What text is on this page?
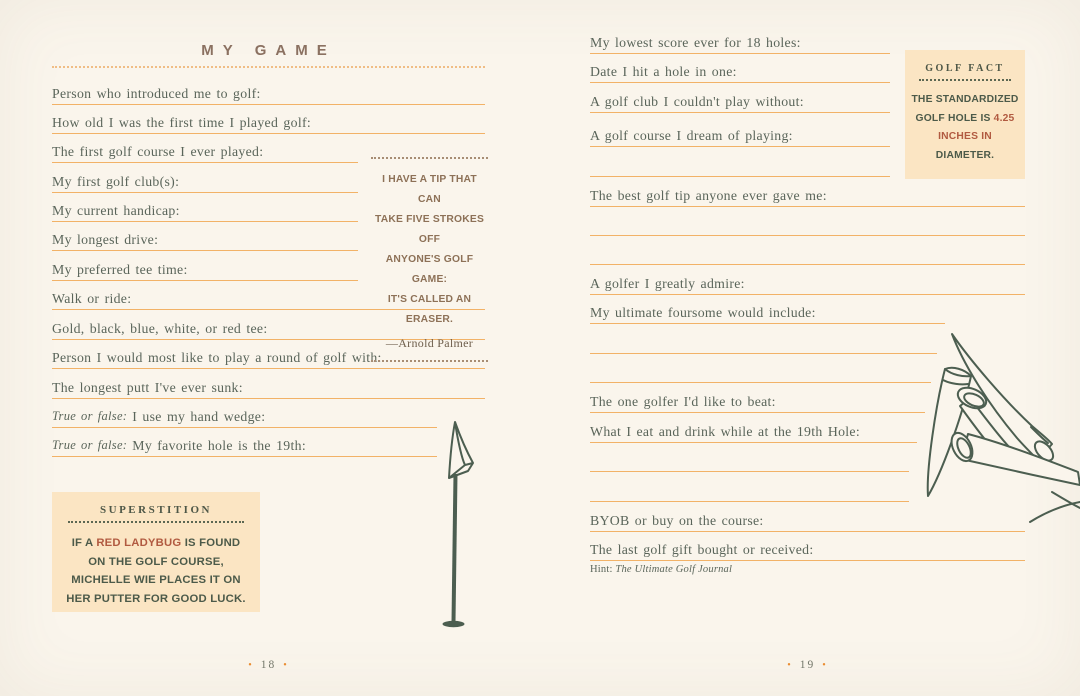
MY GAME
Person who introduced me to golf:
How old I was the first time I played golf:
The first golf course I ever played:
My first golf club(s):
My current handicap:
My longest drive:
My preferred tee time:
Walk or ride:
Gold, black, blue, white, or red tee:
Person I would most like to play a round of golf with:
The longest putt I've ever sunk:
True or false: I use my hand wedge:
True or false: My favorite hole is the 19th:
I HAVE A TIP THAT CAN
TAKE FIVE STROKES OFF
ANYONE'S GOLF GAME:
IT'S CALLED AN ERASER.
—Arnold Palmer
SUPERSTITION
IF A RED LADYBUG IS FOUND ON THE GOLF COURSE, MICHELLE WIE PLACES IT ON HER PUTTER FOR GOOD LUCK.
• 18 •
My lowest score ever for 18 holes:
Date I hit a hole in one:
A golf club I couldn't play without:
A golf course I dream of playing:
The best golf tip anyone ever gave me:
A golfer I greatly admire:
My ultimate foursome would include:
The one golfer I'd like to beat:
What I eat and drink while at the 19th Hole:
BYOB or buy on the course:
The last golf gift bought or received:
Hint: The Ultimate Golf Journal
GOLF FACT
THE STANDARDIZED GOLF HOLE IS 4.25 INCHES IN DIAMETER.
• 19 •
